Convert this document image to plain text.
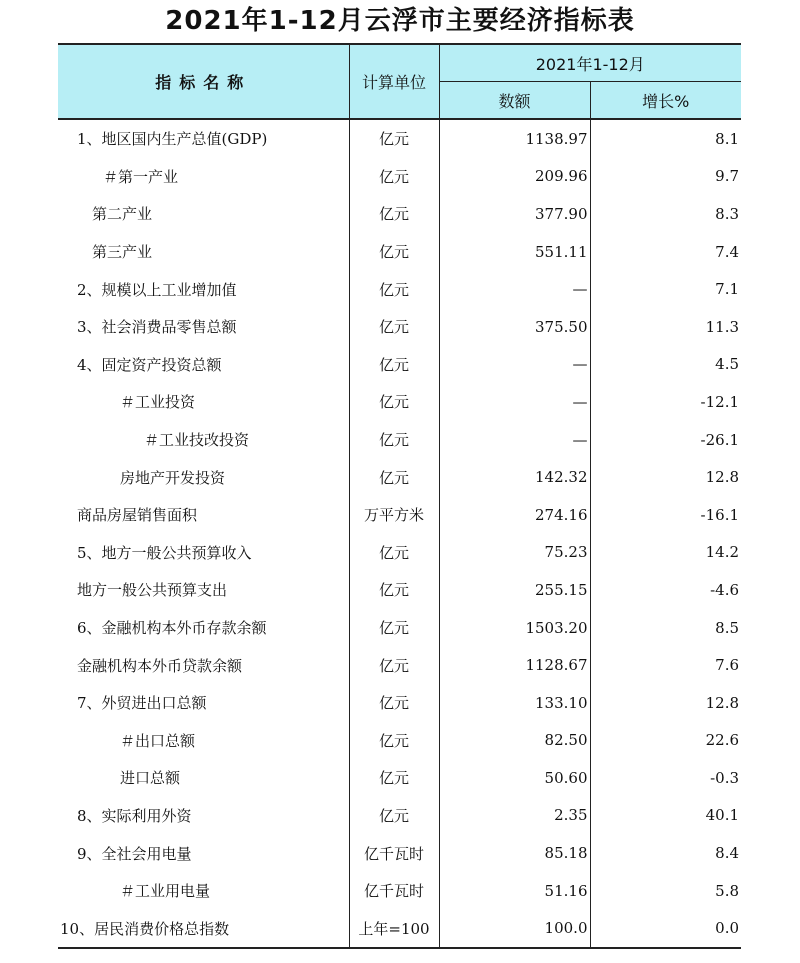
2021年1-12月云浮市主要经济指标表
指标名称	计算单位	2021年1-12月	
		数额	增长%
1、地区国内生产总值(GDP)	亿元	1138.97	8.1
＃第一产业	亿元	209.96	9.7
第二产业	亿元	377.90	8.3
第三产业	亿元	551.11	7.4
2、规模以上工业增加值	亿元	—	7.1
3、社会消费品零售总额	亿元	375.50	11.3
4、固定资产投资总额	亿元	—	4.5
＃工业投资	亿元	—	-12.1
＃工业技改投资	亿元	—	-26.1
房地产开发投资	亿元	142.32	12.8
商品房屋销售面积	万平方米	274.16	-16.1
5、地方一般公共预算收入	亿元	75.23	14.2
地方一般公共预算支出	亿元	255.15	-4.6
6、金融机构本外币存款余额	亿元	1503.20	8.5
金融机构本外币贷款余额	亿元	1128.67	7.6
7、外贸进出口总额	亿元	133.10	12.8
＃出口总额	亿元	82.50	22.6
进口总额	亿元	50.60	-0.3
8、实际利用外资	亿元	2.35	40.1
9、全社会用电量	亿千瓦时	85.18	8.4
＃工业用电量	亿千瓦时	51.16	5.8
10、居民消费价格总指数	上年=100	100.0	0.0
